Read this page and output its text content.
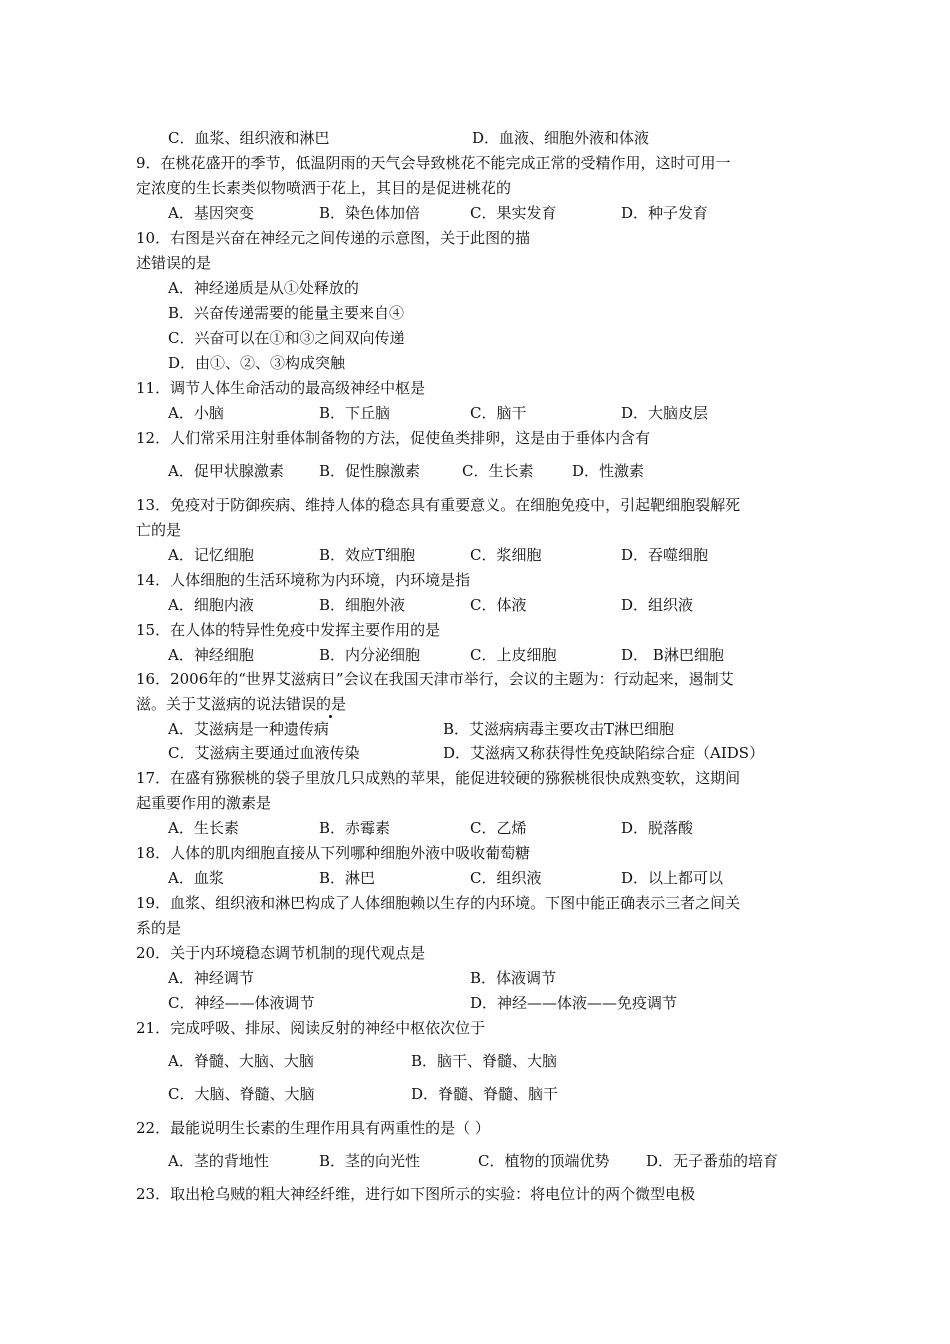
C．血浆、组织液和淋巴	D．血液、细胞外液和体液
9．在桃花盛开的季节，低温阴雨的天气会导致桃花不能完成正常的受精作用，这时可用一
定浓度的生长素类似物喷洒于花上，其目的是促进桃花的
A．基因突变	B．染色体加倍	C．果实发育	D．种子发育
10．右图是兴奋在神经元之间传递的示意图，关于此图的描
述错误的是
A．神经递质是从①处释放的
B．兴奋传递需要的能量主要来自④
C．兴奋可以在①和③之间双向传递
D．由①、②、③构成突触
11．调节人体生命活动的最高级神经中枢是
A．小脑	B．下丘脑	C．脑干	D．大脑皮层
12．人们常采用注射垂体制备物的方法，促使鱼类排卵，这是由于垂体内含有
A．促甲状腺激素 B．促性腺激素	C．生长素	D．性激素
13．免疫对于防御疾病、维持人体的稳态具有重要意义。在细胞免疫中，引起靶细胞裂解死
亡的是
A．记忆细胞	B．效应T细胞	C．浆细胞	D．吞噬细胞
14．人体细胞的生活环境称为内环境，内环境是指
A．细胞内液	B．细胞外液	C．体液	D．组织液
15．在人体的特异性免疫中发挥主要作用的是
A．神经细胞	B．内分泌细胞	C．上皮细胞	D． B淋巴细胞
16．2006年的“世界艾滋病日”会议在我国天津市举行，会议的主题为：行动起来，遏制艾
滋。关于艾滋病的说法错误的是
A．艾滋病是一种遗传病	B．艾滋病病毒主要攻击T淋巴细胞
C．艾滋病主要通过血液传染	D．艾滋病又称获得性免疫缺陷综合症（AIDS）
17．在盛有猕猴桃的袋子里放几只成熟的苹果，能促进较硬的猕猴桃很快成熟变软，这期间
起重要作用的激素是
A．生长素	B．赤霉素	C．乙烯	D．脱落酸
18．人体的肌肉细胞直接从下列哪种细胞外液中吸收葡萄糖
A．血浆	B．淋巴	C．组织液	D．以上都可以
19．血浆、组织液和淋巴构成了人体细胞赖以生存的内环境。下图中能正确表示三者之间关
系的是
20．关于内环境稳态调节机制的现代观点是
A．神经调节	B．体液调节
C．神经——体液调节	D．神经——体液——免疫调节
21．完成呼吸、排尿、阅读反射的神经中枢依次位于
A．脊髓、大脑、大脑	B．脑干、脊髓、大脑
C．大脑、脊髓、大脑	D．脊髓、脊髓、脑干
22．最能说明生长素的生理作用具有两重性的是（ ）
A．茎的背地性	B．茎的向光性	C．植物的顶端优势 D．无子番茄的培育
23．取出枪乌贼的粗大神经纤维，进行如下图所示的实验：将电位计的两个微型电极
